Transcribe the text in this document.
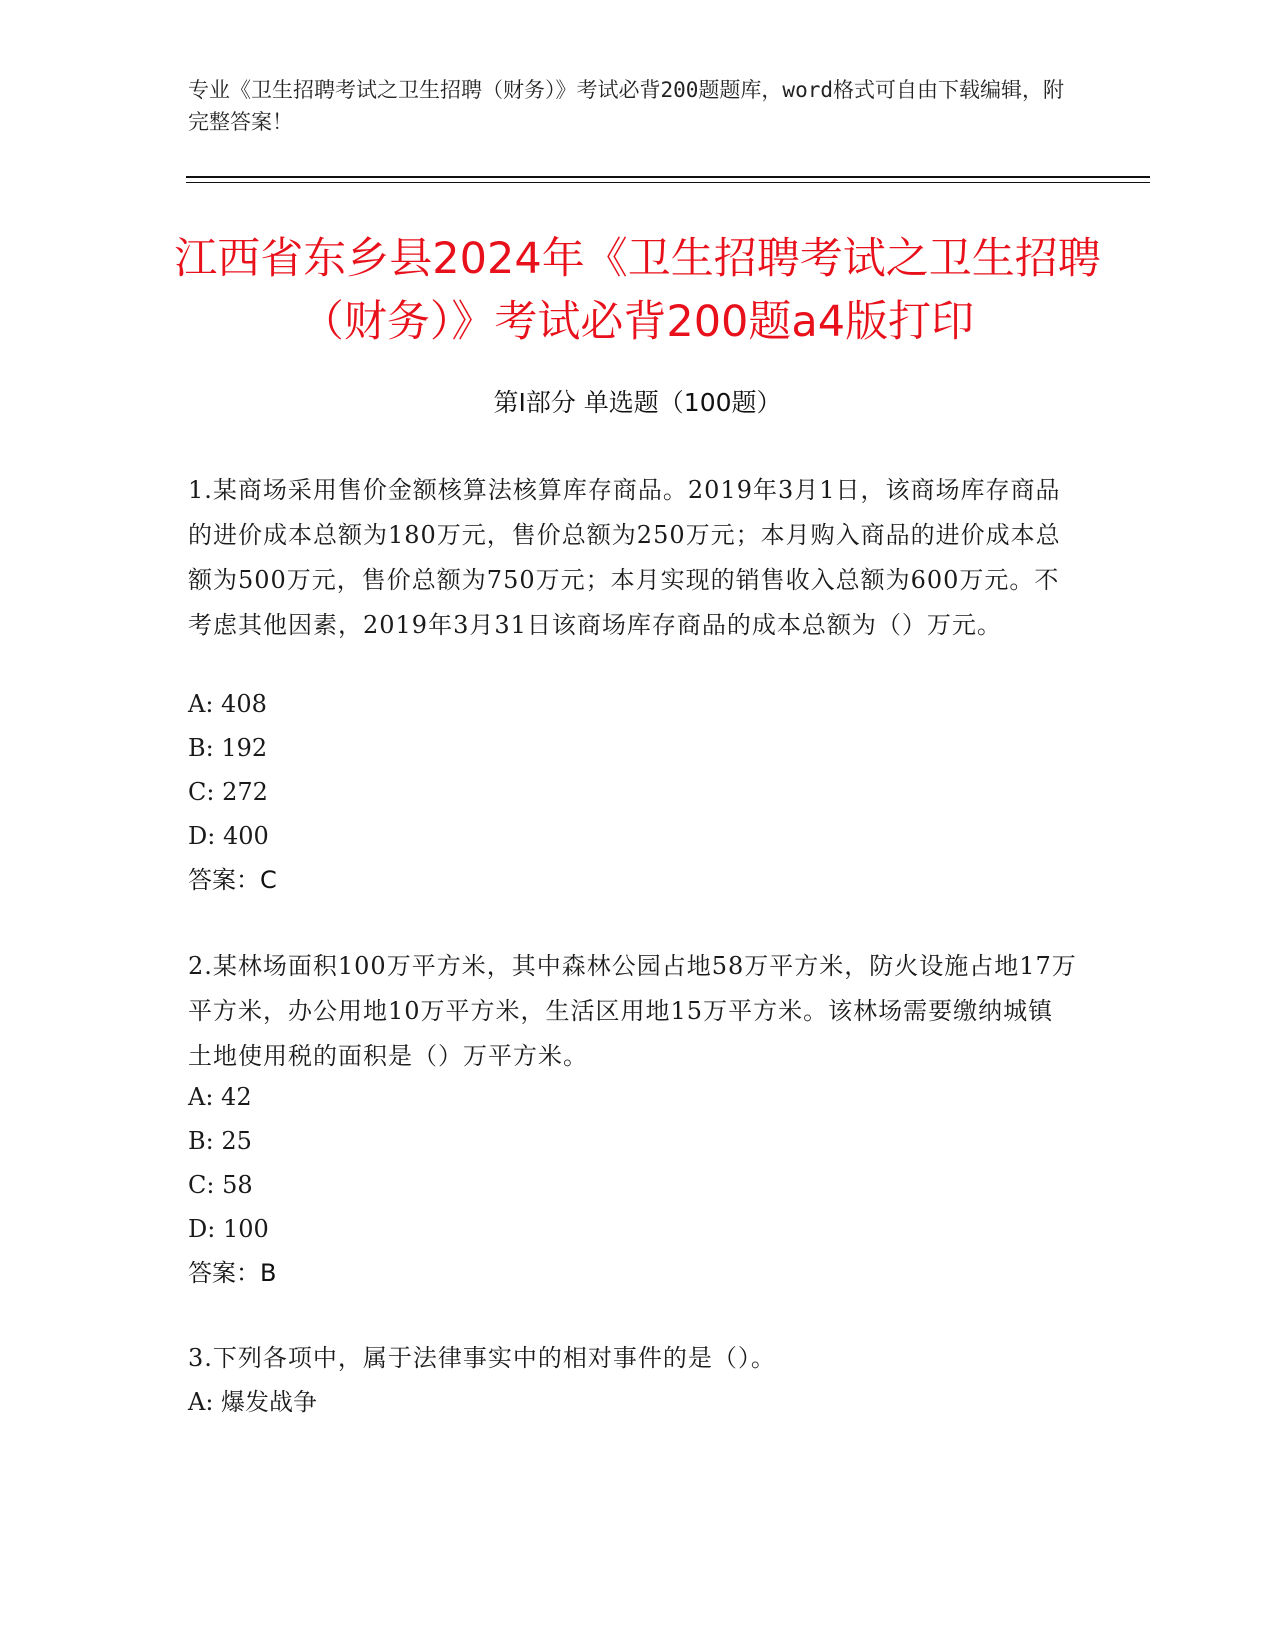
专业《卫生招聘考试之卫生招聘（财务）》考试必背200题题库，word格式可自由下载编辑，附完整答案！
江西省东乡县2024年《卫生招聘考试之卫生招聘（财务）》考试必背200题a4版打印
第I部分 单选题（100题）
1.某商场采用售价金额核算法核算库存商品。2019年3月1日，该商场库存商品的进价成本总额为180万元，售价总额为250万元；本月购入商品的进价成本总额为500万元，售价总额为750万元；本月实现的销售收入总额为600万元。不考虑其他因素，2019年3月31日该商场库存商品的成本总额为（）万元。
A: 408
B: 192
C: 272
D: 400
答案：C
2.某林场面积100万平方米，其中森林公园占地58万平方米，防火设施占地17万平方米，办公用地10万平方米，生活区用地15万平方米。该林场需要缴纳城镇土地使用税的面积是（）万平方米。
A: 42
B: 25
C: 58
D: 100
答案：B
3.下列各项中，属于法律事实中的相对事件的是（）。
A: 爆发战争
